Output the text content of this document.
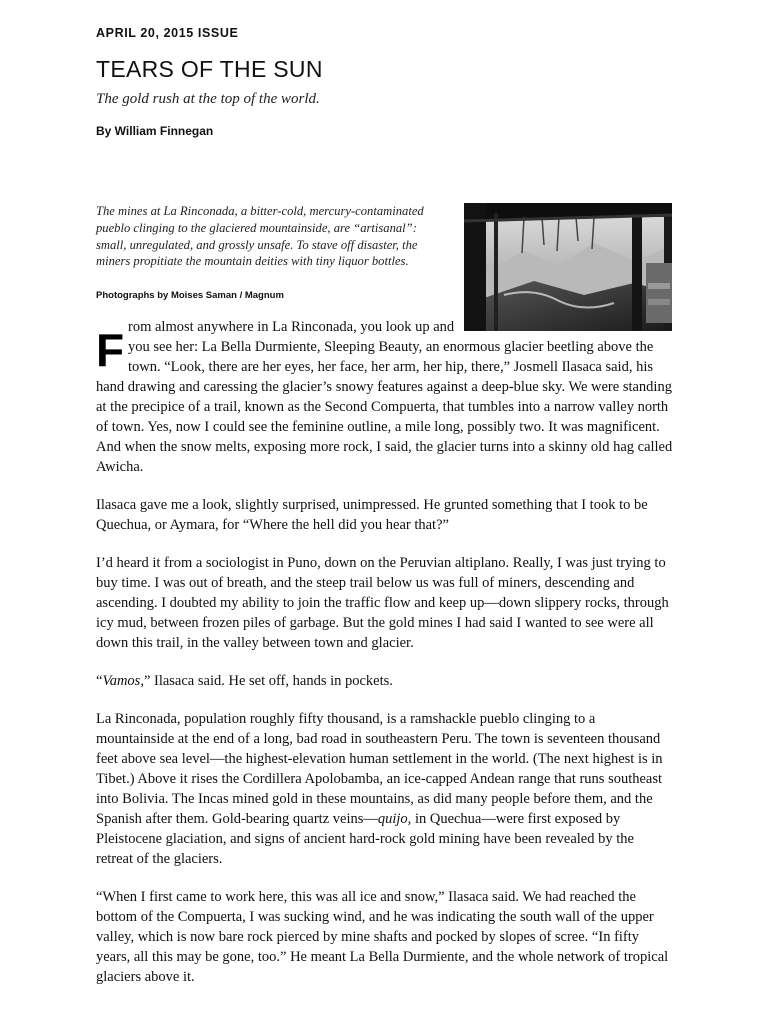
APRIL 20, 2015 ISSUE
TEARS OF THE SUN
The gold rush at the top of the world.
By William Finnegan
The mines at La Rinconada, a bitter-cold, mercury-contaminated pueblo clinging to the glaciered mountainside, are “artisanal”: small, unregulated, and grossly unsafe. To stave off disaster, the miners propitiate the mountain deities with tiny liquor bottles.
Photographs by Moises Saman / Magnum

F rom almost anywhere in La Rinconada, you look up and you see her: La Bella Durmiente, Sleeping Beauty, an enormous glacier beetling above the town. “Look, there are her eyes, her face, her arm, her hip, there,” Josmell Ilasaca said, his hand drawing and caressing the glacier’s snowy features against a deep-blue sky. We were standing at the precipice of a trail, known as the Second Compuerta, that tumbles into a narrow valley north of town. Yes, now I could see the feminine outline, a mile long, possibly two. It was magnificent. And when the snow melts, exposing more rock, I said, the glacier turns into a skinny old hag called Awicha.

Ilasaca gave me a look, slightly surprised, unimpressed. He grunted something that I took to be Quechua, or Aymara, for “Where the hell did you hear that?”

I’d heard it from a sociologist in Puno, down on the Peruvian altiplano. Really, I was just trying to buy time. I was out of breath, and the steep trail below us was full of miners, descending and ascending. I doubted my ability to join the traffic flow and keep up—down slippery rocks, through icy mud, between frozen piles of garbage. But the gold mines I had said I wanted to see were all down this trail, in the valley between town and glacier.

“Vamos,” Ilasaca said. He set off, hands in pockets.

La Rinconada, population roughly fifty thousand, is a ramshackle pueblo clinging to a mountainside at the end of a long, bad road in southeastern Peru. The town is seventeen thousand feet above sea level—the highest-elevation human settlement in the world. (The next highest is in Tibet.) Above it rises the Cordillera Apolobamba, an ice-capped Andean range that runs southeast into Bolivia. The Incas mined gold in these mountains, as did many people before them, and the Spanish after them. Gold-bearing quartz veins—quijo, in Quechua—were first exposed by Pleistocene glaciation, and signs of ancient hard-rock gold mining have been revealed by the retreat of the glaciers.

“When I first came to work here, this was all ice and snow,” Ilasaca said. We had reached the bottom of the Compuerta, I was sucking wind, and he was indicating the south wall of the upper valley, which is now bare rock pierced by mine shafts and pocked by slopes of scree. “In fifty years, all this may be gone, too.” He meant La Bella Durmiente, and the whole network of tropical glaciers above it.
